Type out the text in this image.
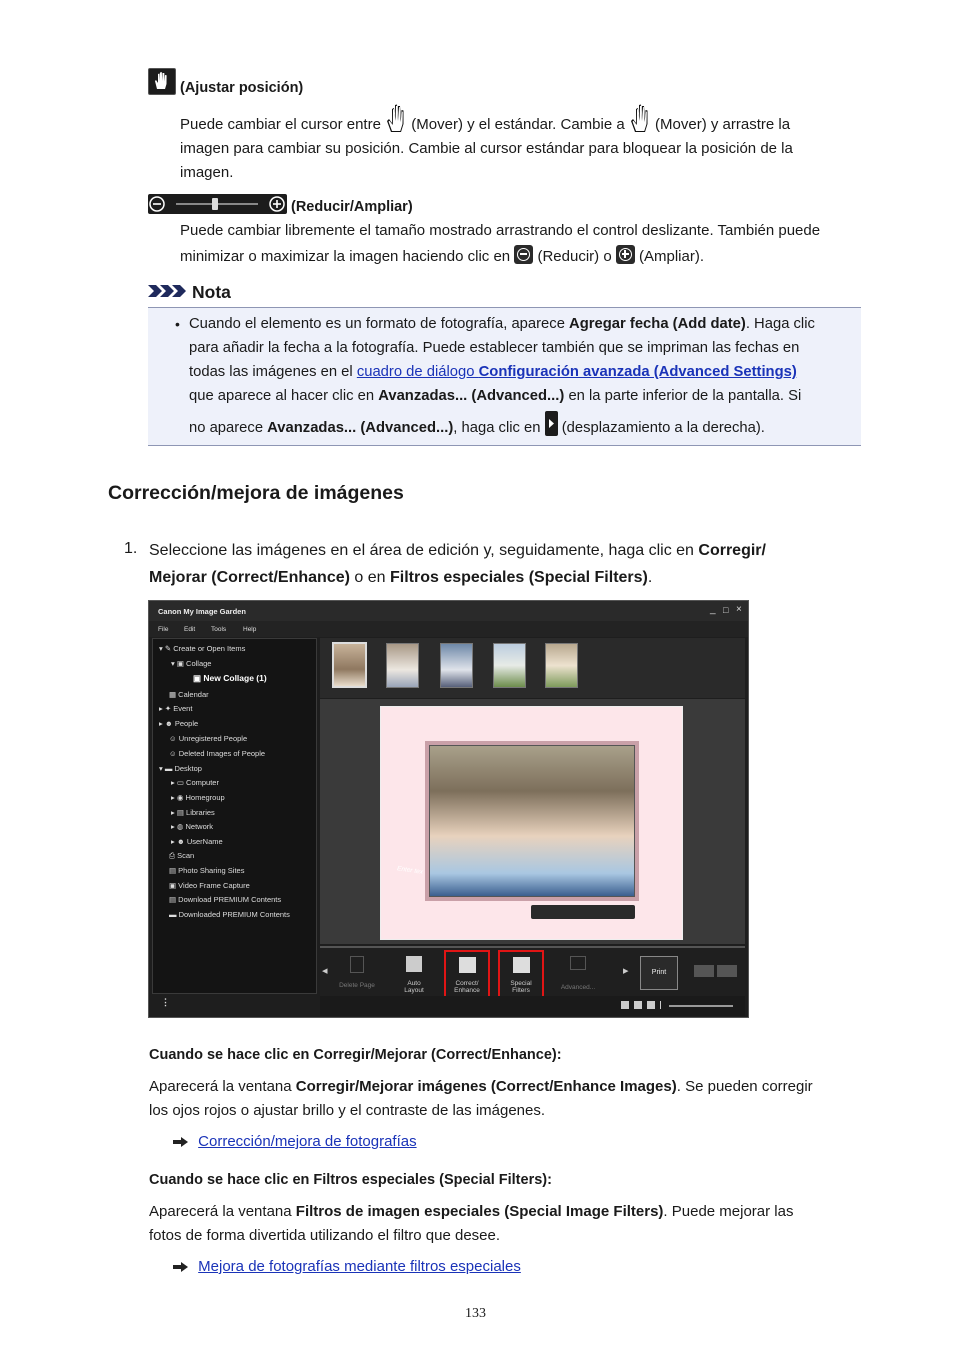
(Ajustar posición)
Puede cambiar el cursor entre (Mover) y el estándar. Cambie a (Mover) y arrastre la
imagen para cambiar su posición. Cambie al cursor estándar para bloquear la posición de la
imagen.
(Reducir/Ampliar)
Puede cambiar libremente el tamaño mostrado arrastrando el control deslizante. También puede

minimizar o maximizar la imagen haciendo clic en (Reducir) o (Ampliar).
Nota
• Cuando el elemento es un formato de fotografía, aparece Agregar fecha (Add date). Haga clic
para añadir la fecha a la fotografía. Puede establecer también que se impriman las fechas en
todas las imágenes en el cuadro de diálogo Configuración avanzada (Advanced Settings)
que aparece al hacer clic en Avanzadas... (Advanced...) en la parte inferior de la pantalla. Si

no aparece Avanzadas... (Advanced...), haga clic en (desplazamiento a la derecha).
Corrección/mejora de imágenes
1. Seleccione las imágenes en el área de edición y, seguidamente, haga clic en Corregir/
Mejorar (Correct/Enhance) o en Filtros especiales (Special Filters).
Canon My Image Garden	_ □ ×
File Edit Tools	Help
▾ ✎ Create or Open Items
▾ ▣ Collage
▣ New Collage (1)
▦ Calendar
▸ ✦ Event
▸ ☻ People
☺ Unregistered People
☺ Deleted Images of People
▾ ▬ Desktop
▸ ▭ Computer
▸ ◉ Homegroup
▸ ▤ Libraries
▸ ◍ Network
▸ ☻ UserName
⎙ Scan
▤ Photo Sharing Sites
▣ Video Frame Capture
▤ Download PREMIUM Contents
▬ Downloaded PREMIUM Contents
⋮
Enter tex
◂
Delete Page	Auto
Layout
Correct/
Enhance
Special
Filters	Advanced...
▸	Print
Cuando se hace clic en Corregir/Mejorar (Correct/Enhance):
Aparecerá la ventana Corregir/Mejorar imágenes (Correct/Enhance Images). Se pueden corregir
los ojos rojos o ajustar brillo y el contraste de las imágenes.
Corrección/mejora de fotografías
Cuando se hace clic en Filtros especiales (Special Filters):
Aparecerá la ventana Filtros de imagen especiales (Special Image Filters). Puede mejorar las
fotos de forma divertida utilizando el filtro que desee.
Mejora de fotografías mediante filtros especiales
133
